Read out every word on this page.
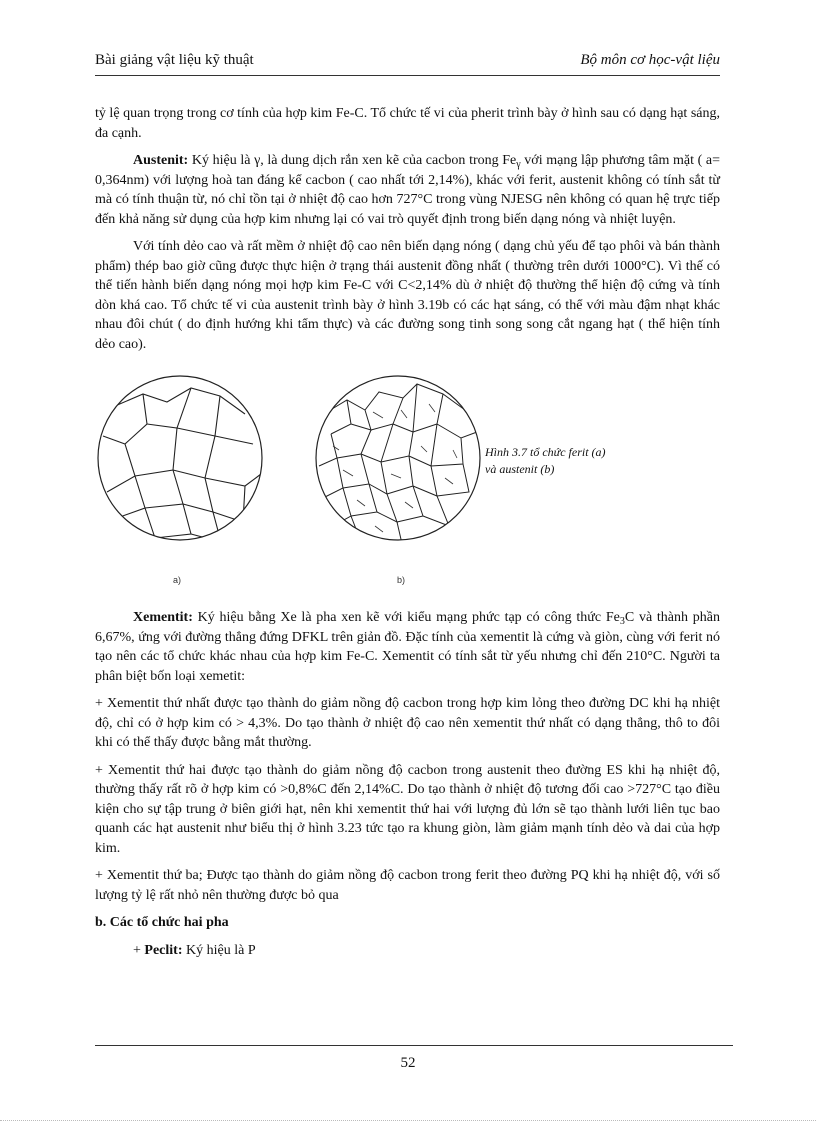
Bài giảng vật liệu kỹ thuật	Bộ môn cơ học-vật liệu

tỷ lệ quan trọng trong cơ tính của hợp kim Fe-C. Tổ chức tế vi của pherit trình bày ở hình sau có dạng hạt sáng, đa cạnh.

Austenit: Ký hiệu là γ, là dung dịch rắn xen kẽ của cacbon trong $Fe_\gamma$ với mạng lập phương tâm mặt ( a= 0,364nm) với lượng hoà tan đáng kể cacbon ( cao nhất tới 2,14%), khác với ferit, austenit không có tính sắt từ mà có tính thuận từ, nó chỉ tồn tại ở nhiệt độ cao hơn 727°C trong vùng NJESG nên không có quan hệ trực tiếp đến khả năng sử dụng của hợp kim nhưng lại có vai trò quyết định trong biến dạng nóng và nhiệt luyện.

Với tính dẻo cao và rất mềm ở nhiệt độ cao nên biến dạng nóng ( dạng chủ yếu để tạo phôi và bán thành phẩm) thép bao giờ cũng được thực hiện ở trạng thái austenit đồng nhất ( thường trên dưới 1000°C). Vì thế có thể tiến hành biến dạng nóng mọi hợp kim Fe-C với C<2,14% dù ở nhiệt độ thường thể hiện độ cứng và tính dòn khá cao. Tổ chức tế vi của austenit trình bày ở hình 3.19b có các hạt sáng, có thể với màu đậm nhạt khác nhau đôi chút ( do định hướng khi tẩm thực) và các đường song tinh song song cắt ngang hạt ( thể hiện tính dẻo cao).

a)	b)
Hình 3.7 tổ chức ferit (a)
và austenit (b)

Xementit: Ký hiệu bằng Xe là pha xen kẽ với kiểu mạng phức tạp có công thức $Fe_3C$ và thành phần 6,67%, ứng với đường thẳng đứng DFKL trên giản đồ. Đặc tính của xementit là cứng và giòn, cùng với ferit nó tạo nên các tổ chức khác nhau của hợp kim Fe-C. Xementit có tính sắt từ yếu nhưng chỉ đến 210°C. Người ta phân biệt bốn loại xemetit:

+ Xementit thứ nhất được tạo thành do giảm nồng độ cacbon trong hợp kim lỏng theo đường DC khi hạ nhiệt độ, chỉ có ở hợp kim có > 4,3%. Do tạo thành ở nhiệt độ cao nên xementit thứ nhất có dạng thẳng, thô to đôi khi có thể thấy được bằng mắt thường.

+ Xementit thứ hai được tạo thành do giảm nồng độ cacbon trong austenit theo đường ES khi hạ nhiệt độ, thường thấy rất rõ ở hợp kim có >0,8%C đến 2,14%C. Do tạo thành ở nhiệt độ tương đối cao >727°C tạo điều kiện cho sự tập trung ở biên giới hạt, nên khi xementit thứ hai với lượng đủ lớn sẽ tạo thành lưới liên tục bao quanh các hạt austenit như biểu thị ở hình 3.23 tức tạo ra khung giòn, làm giảm mạnh tính dẻo và dai của hợp kim.

+ Xementit thứ ba; Được tạo thành do giảm nồng độ cacbon trong ferit theo đường PQ khi hạ nhiệt độ, với số lượng tỷ lệ rất nhỏ nên thường được bỏ qua

b. Các tổ chức hai pha

+ Peclit: Ký hiệu là P

52
